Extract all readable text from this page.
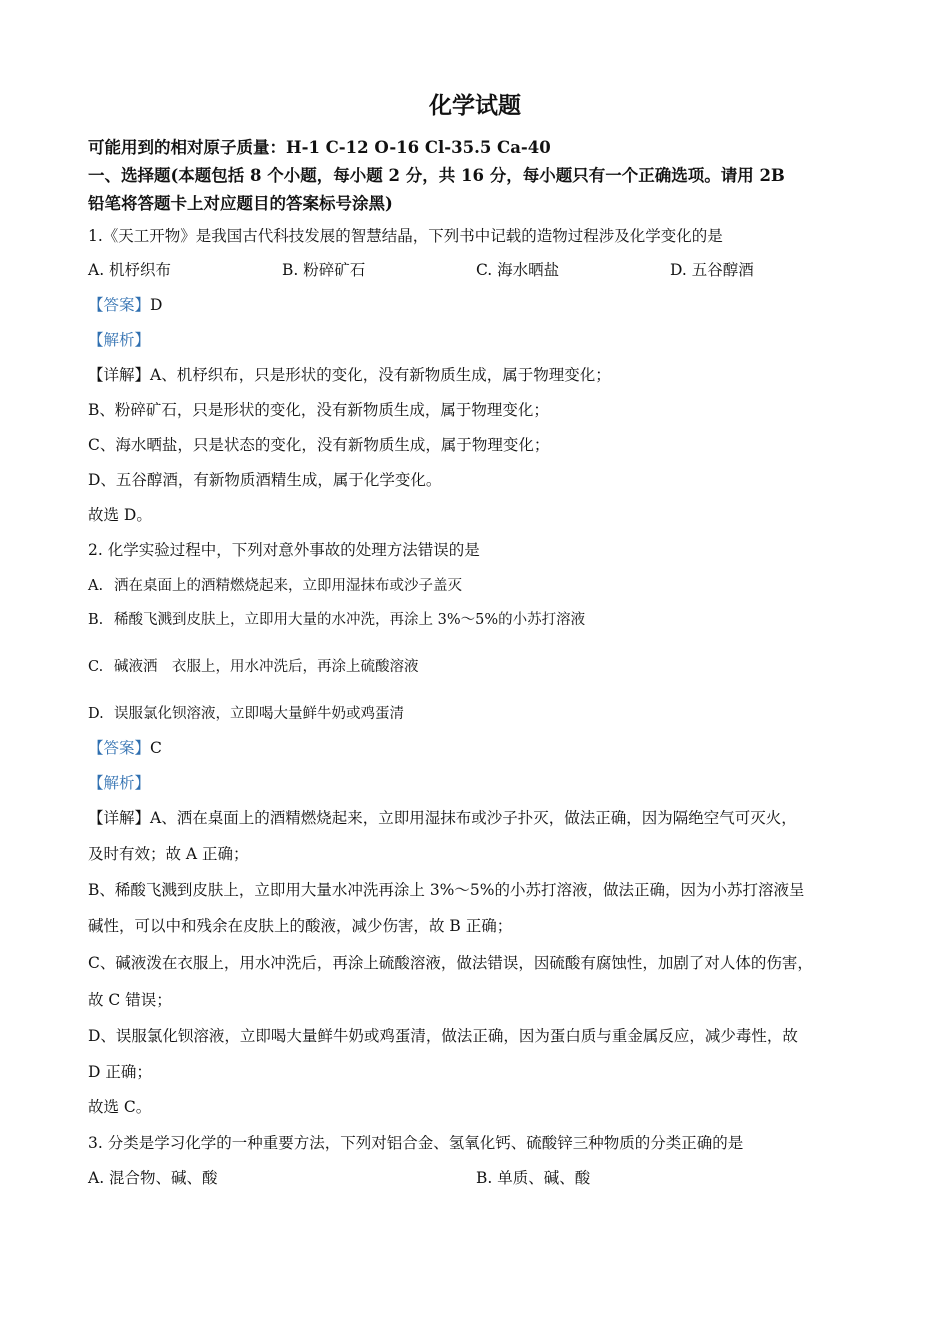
化学试题
可能用到的相对原子质量：H-1 C-12 O-16 Cl-35.5 Ca-40
一、选择题(本题包括 8 个小题，每小题 2 分，共 16 分，每小题只有一个正确选项。请用 2B
铅笔将答题卡上对应题目的答案标号涂黑)
1.《天工开物》是我国古代科技发展的智慧结晶，下列书中记载的造物过程涉及化学变化的是
A. 机杼织布	B. 粉碎矿石	C. 海水晒盐	D. 五谷醇酒
【答案】D
【解析】
【详解】A、机杼织布，只是形状的变化，没有新物质生成，属于物理变化；
B、粉碎矿石，只是形状的变化，没有新物质生成，属于物理变化；
C、海水晒盐，只是状态的变化，没有新物质生成，属于物理变化；
D、五谷醇酒，有新物质酒精生成，属于化学变化。
故选 D。
2. 化学实验过程中，下列对意外事故的处理方法错误的是
A. 洒在桌面上的酒精燃烧起来，立即用湿抹布或沙子盖灭
B. 稀酸飞溅到皮肤上，立即用大量的水冲洗，再涂上 3%～5%的小苏打溶液
C. 碱液洒　衣服上，用水冲洗后，再涂上硫酸溶液
D. 误服氯化钡溶液，立即喝大量鲜牛奶或鸡蛋清
【答案】C
【解析】
【详解】A、洒在桌面上的酒精燃烧起来，立即用湿抹布或沙子扑灭，做法正确，因为隔绝空气可灭火，
及时有效；故 A 正确；
B、稀酸飞溅到皮肤上，立即用大量水冲洗再涂上 3%～5%的小苏打溶液，做法正确，因为小苏打溶液呈
碱性，可以中和残余在皮肤上的酸液，减少伤害，故 B 正确；
C、碱液泼在衣服上，用水冲洗后，再涂上硫酸溶液，做法错误，因硫酸有腐蚀性，加剧了对人体的伤害，
故 C 错误；
D、误服氯化钡溶液，立即喝大量鲜牛奶或鸡蛋清，做法正确，因为蛋白质与重金属反应，减少毒性，故
D 正确；
故选 C。
3. 分类是学习化学的一种重要方法，下列对铝合金、氢氧化钙、硫酸锌三种物质的分类正确的是
A. 混合物、碱、酸	B. 单质、碱、酸
